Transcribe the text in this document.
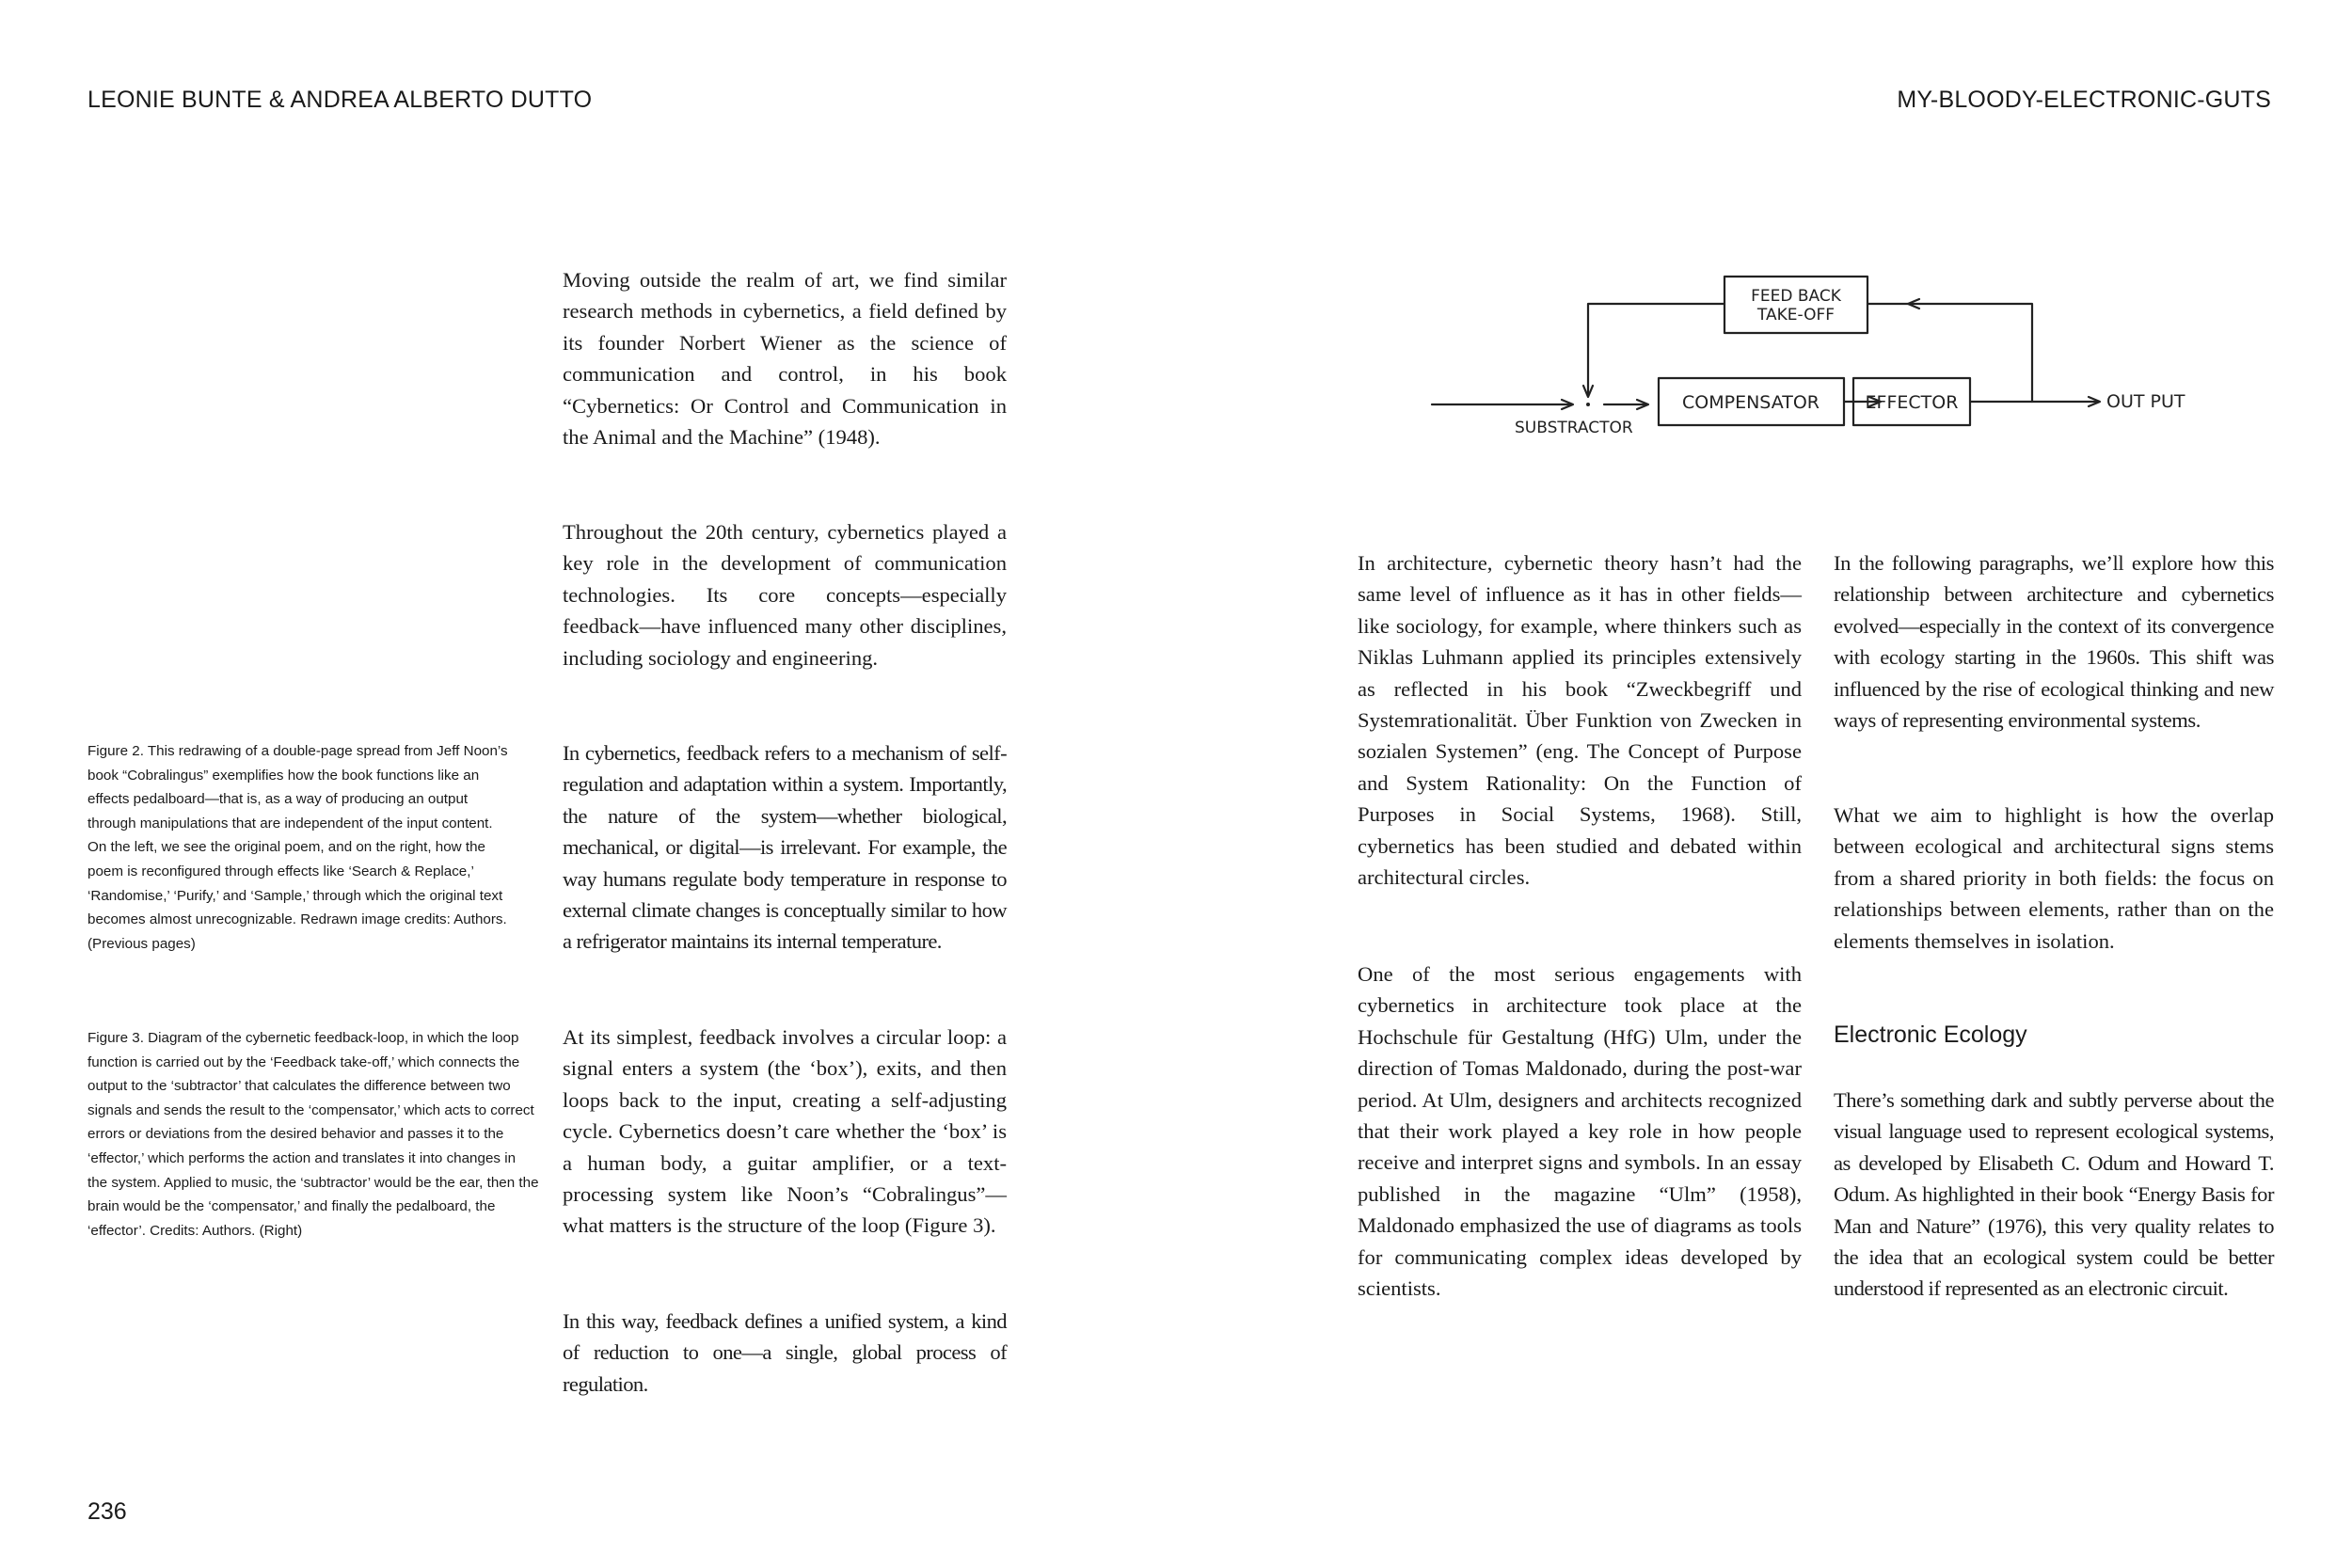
LEONIE BUNTE & ANDREA ALBERTO DUTTO	MY-BLOODY-ELECTRONIC-GUTS

Figure 2. This redrawing of a double-page spread from Jeff Noon’s book “Cobralingus” exemplifies how the book functions like an effects pedalboard—that is, as a way of producing an output through manipulations that are independent of the input content. On the left, we see the original poem, and on the right, how the poem is reconfigured through effects like ‘Search & Replace,’ ‘Randomise,’ ‘Purify,’ and ‘Sample,’ through which the original text becomes almost unrecognizable. Redrawn image credits: Authors. (Previous pages)

Figure 3. Diagram of the cybernetic feedback-loop, in which the loop function is carried out by the ‘Feedback take-off,’ which connects the output to the ‘subtractor’ that calculates the difference between two signals and sends the result to the ‘compensator,’ which acts to correct errors or deviations from the desired behavior and passes it to the ‘effector,’ which performs the action and translates it into changes in the system. Applied to music, the ‘subtractor’ would be the ear, then the brain would be the ‘compensator,’ and finally the pedalboard, the ‘effector’. Credits: Authors. (Right)

Moving outside the realm of art, we find similar research methods in cybernetics, a field defined by its founder Norbert Wiener as the science of communication and control, in his book “Cybernetics: Or Control and Communication in the Animal and the Machine” (1948).

Throughout the 20th century, cybernetics played a key role in the development of communication technologies. Its core concepts—especially feedback—have influenced many other disciplines, including sociology and engineering.

In cybernetics, feedback refers to a mechanism of self-regulation and adaptation within a system. Importantly, the nature of the system—whether biological, mechanical, or digital—is irrelevant. For example, the way humans regulate body temperature in response to external climate changes is conceptually similar to how a refrigerator maintains its internal temperature.

At its simplest, feedback involves a circular loop: a signal enters a system (the ‘box’), exits, and then loops back to the input, creating a self-adjusting cycle. Cybernetics doesn’t care whether the ‘box’ is a human body, a guitar amplifier, or a text-processing system like Noon’s “Cobralingus”—what matters is the structure of the loop (Figure 3).

In this way, feedback defines a unified system, a kind of reduction to one—a single, global process of regulation.

FEED BACK
TAKE-OFF
COMPENSATOR	EFFECTOR	OUT PUT
SUBSTRACTOR

In architecture, cybernetic theory hasn’t had the same level of influence as it has in other fields—like sociology, for example, where thinkers such as Niklas Luhmann applied its principles extensively as reflected in his book “Zweckbegriff und Systemrationalität. Über Funktion von Zwecken in sozialen Systemen” (eng. The Concept of Purpose and System Rationality: On the Function of Purposes in Social Systems, 1968). Still, cybernetics has been studied and debated within architectural circles.

One of the most serious engagements with cybernetics in architecture took place at the Hochschule für Gestaltung (HfG) Ulm, under the direction of Tomas Maldonado, during the post-war period. At Ulm, designers and architects recognized that their work played a key role in how people receive and interpret signs and symbols. In an essay published in the magazine “Ulm” (1958), Maldonado emphasized the use of diagrams as tools for communicating complex ideas developed by scientists.

In the following paragraphs, we’ll explore how this relationship between architecture and cybernetics evolved—especially in the context of its convergence with ecology starting in the 1960s. This shift was influenced by the rise of ecological thinking and new ways of representing environmental systems.

What we aim to highlight is how the overlap between ecological and architectural signs stems from a shared priority in both fields: the focus on relationships between elements, rather than on the elements themselves in isolation.

Electronic Ecology

There’s something dark and subtly perverse about the visual language used to represent ecological systems, as developed by Elisabeth C. Odum and Howard T. Odum. As highlighted in their book “Energy Basis for Man and Nature” (1976), this very quality relates to the idea that an ecological system could be better understood if represented as an electronic circuit.

236
